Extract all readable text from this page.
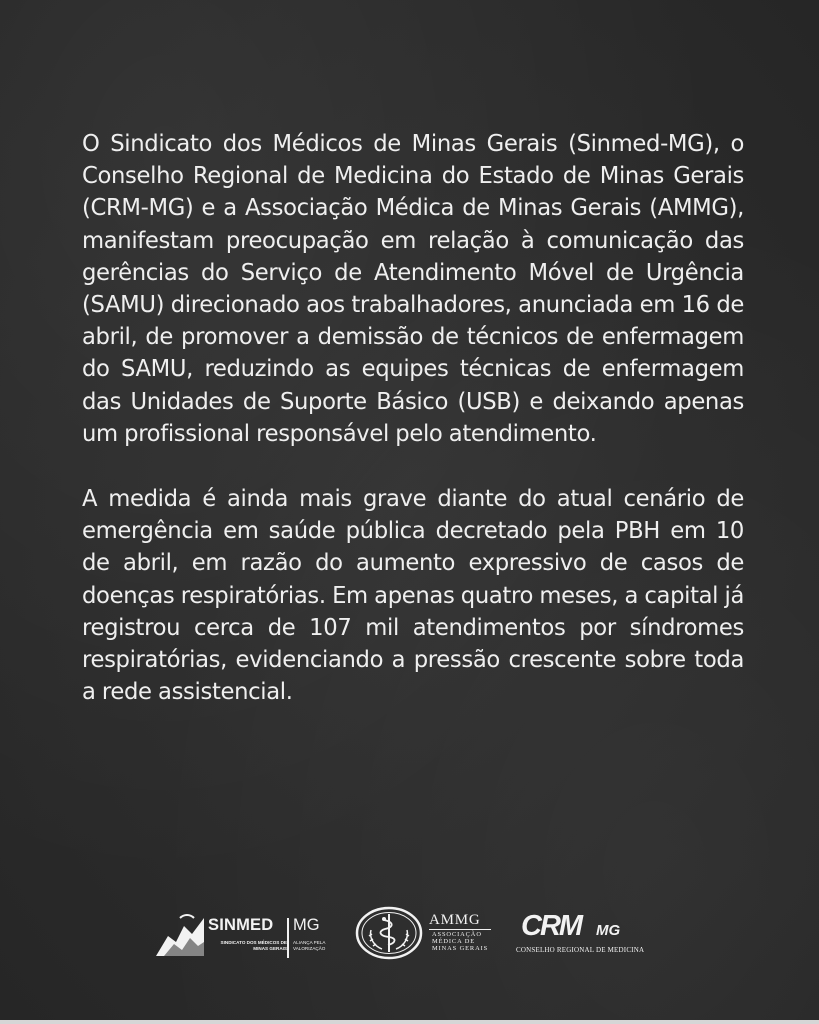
O Sindicato dos Médicos de Minas Gerais (Sinmed-MG), o Conselho Regional de Medicina do Estado de Minas Gerais (CRM-MG) e a Associação Médica de Minas Gerais (AMMG), manifestam preocupação em relação à comunicação das gerências do Serviço de Atendimento Móvel de Urgência (SAMU) direcionado aos trabalhadores, anunciada em 16 de abril, de promover a demissão de técnicos de enfermagem do SAMU, reduzindo as equipes técnicas de enfermagem das Unidades de Suporte Básico (USB) e deixando apenas um profissional responsável pelo atendimento.

A medida é ainda mais grave diante do atual cenário de emergência em saúde pública decretado pela PBH em 10 de abril, em razão do aumento expressivo de casos de doenças respiratórias. Em apenas quatro meses, a capital já registrou cerca de 107 mil atendimentos por síndromes respiratórias, evidenciando a pressão crescente sobre toda a rede assistencial.

SINMED MG
SINDICATO DOS MÉDICOS DE MINAS GERAIS
ALIANÇA PELA VALORIZAÇÃO
AMMG
ASSOCIAÇÃO MÉDICA DE MINAS GERAIS
CRM MG
CONSELHO REGIONAL DE MEDICINA
